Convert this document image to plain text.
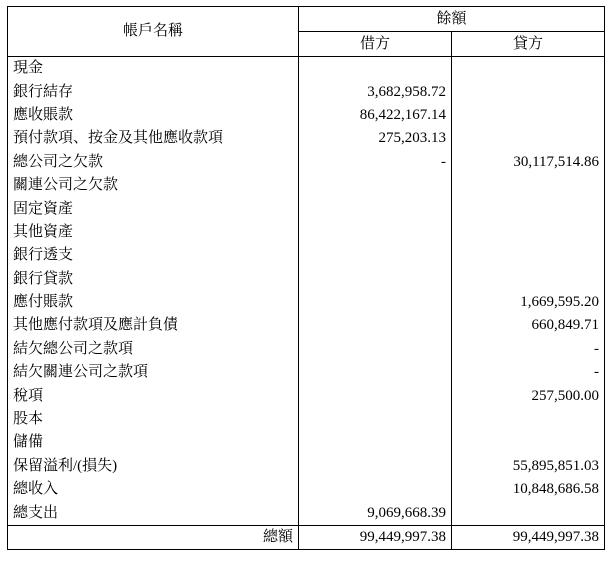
帳戶名稱	餘額	
	借方	貸方
現金		
銀行結存	3,682,958.72	
應收賬款	86,422,167.14	
預付款項、按金及其他應收款項	275,203.13	
總公司之欠款	-	30,117,514.86
關連公司之欠款		
固定資產		
其他資產		
銀行透支		
銀行貸款		
應付賬款		1,669,595.20
其他應付款項及應計負債		660,849.71
結欠總公司之款項		-
結欠關連公司之款項		-
稅項		257,500.00
股本		
儲備		
保留溢利/(損失)		55,895,851.03
總收入		10,848,686.58
總支出	9,069,668.39	
總額	99,449,997.38	99,449,997.38
